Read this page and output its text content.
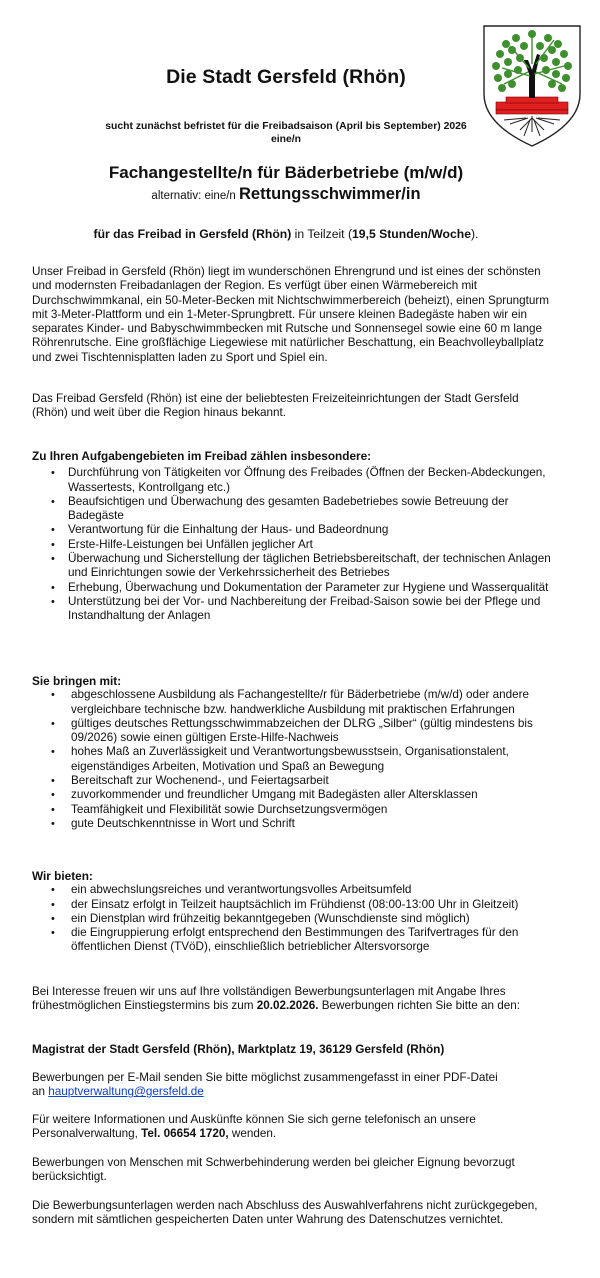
Die Stadt Gersfeld (Rhön)
sucht zunächst befristet für die Freibadsaison (April bis September) 2026
eine/n
Fachangestellte/n für Bäderbetriebe (m/w/d)
alternativ: eine/n Rettungsschwimmer/in
für das Freibad in Gersfeld (Rhön) in Teilzeit (19,5 Stunden/Woche).
Unser Freibad in Gersfeld (Rhön) liegt im wunderschönen Ehrengrund und ist eines der schönsten und modernsten Freibadanlagen der Region. Es verfügt über einen Wärmebereich mit Durchschwimmkanal, ein 50-Meter-Becken mit Nichtschwimmerbereich (beheizt), einen Sprungturm mit 3-Meter-Plattform und ein 1-Meter-Sprungbrett. Für unsere kleinen Badegäste haben wir ein separates Kinder- und Babyschwimmbecken mit Rutsche und Sonnensegel sowie eine 60 m lange Röhrenrutsche. Eine großflächige Liegewiese mit natürlicher Beschattung, ein Beachvolleyballplatz und zwei Tischtennisplatten laden zu Sport und Spiel ein.
Das Freibad Gersfeld (Rhön) ist eine der beliebtesten Freizeiteinrichtungen der Stadt Gersfeld (Rhön) und weit über die Region hinaus bekannt.
Zu Ihren Aufgabengebieten im Freibad zählen insbesondere:
• Durchführung von Tätigkeiten vor Öffnung des Freibades (Öffnen der Becken-Abdeckungen, Wassertests, Kontrollgang etc.)
• Beaufsichtigen und Überwachung des gesamten Badebetriebes sowie Betreuung der Badegäste
• Verantwortung für die Einhaltung der Haus- und Badeordnung
• Erste-Hilfe-Leistungen bei Unfällen jeglicher Art
• Überwachung und Sicherstellung der täglichen Betriebsbereitschaft, der technischen Anlagen und Einrichtungen sowie der Verkehrssicherheit des Betriebes
• Erhebung, Überwachung und Dokumentation der Parameter zur Hygiene und Wasserqualität
• Unterstützung bei der Vor- und Nachbereitung der Freibad-Saison sowie bei der Pflege und Instandhaltung der Anlagen
Sie bringen mit:
• abgeschlossene Ausbildung als Fachangestellte/r für Bäderbetriebe (m/w/d) oder andere vergleichbare technische bzw. handwerkliche Ausbildung mit praktischen Erfahrungen
• gültiges deutsches Rettungsschwimmabzeichen der DLRG „Silber“ (gültig mindestens bis 09/2026) sowie einen gültigen Erste-Hilfe-Nachweis
• hohes Maß an Zuverlässigkeit und Verantwortungsbewusstsein, Organisationstalent, eigenständiges Arbeiten, Motivation und Spaß an Bewegung
• Bereitschaft zur Wochenend-, und Feiertagsarbeit
• zuvorkommender und freundlicher Umgang mit Badegästen aller Altersklassen
• Teamfähigkeit und Flexibilität sowie Durchsetzungsvermögen
• gute Deutschkenntnisse in Wort und Schrift
Wir bieten:
• ein abwechslungsreiches und verantwortungsvolles Arbeitsumfeld
• der Einsatz erfolgt in Teilzeit hauptsächlich im Frühdienst (08:00-13:00 Uhr in Gleitzeit)
• ein Dienstplan wird frühzeitig bekanntgegeben (Wunschdienste sind möglich)
• die Eingruppierung erfolgt entsprechend den Bestimmungen des Tarifvertrages für den öffentlichen Dienst (TVöD), einschließlich betrieblicher Altersvorsorge
Bei Interesse freuen wir uns auf Ihre vollständigen Bewerbungsunterlagen mit Angabe Ihres frühestmöglichen Einstiegstermins bis zum 20.02.2026. Bewerbungen richten Sie bitte an den:
Magistrat der Stadt Gersfeld (Rhön), Marktplatz 19, 36129 Gersfeld (Rhön)
Bewerbungen per E-Mail senden Sie bitte möglichst zusammengefasst in einer PDF-Datei
an hauptverwaltung@gersfeld.de
Für weitere Informationen und Auskünfte können Sie sich gerne telefonisch an unsere Personalverwaltung, Tel. 06654 1720, wenden.
Bewerbungen von Menschen mit Schwerbehinderung werden bei gleicher Eignung bevorzugt berücksichtigt.
Die Bewerbungsunterlagen werden nach Abschluss des Auswahlverfahrens nicht zurückgegeben, sondern mit sämtlichen gespeicherten Daten unter Wahrung des Datenschutzes vernichtet.
